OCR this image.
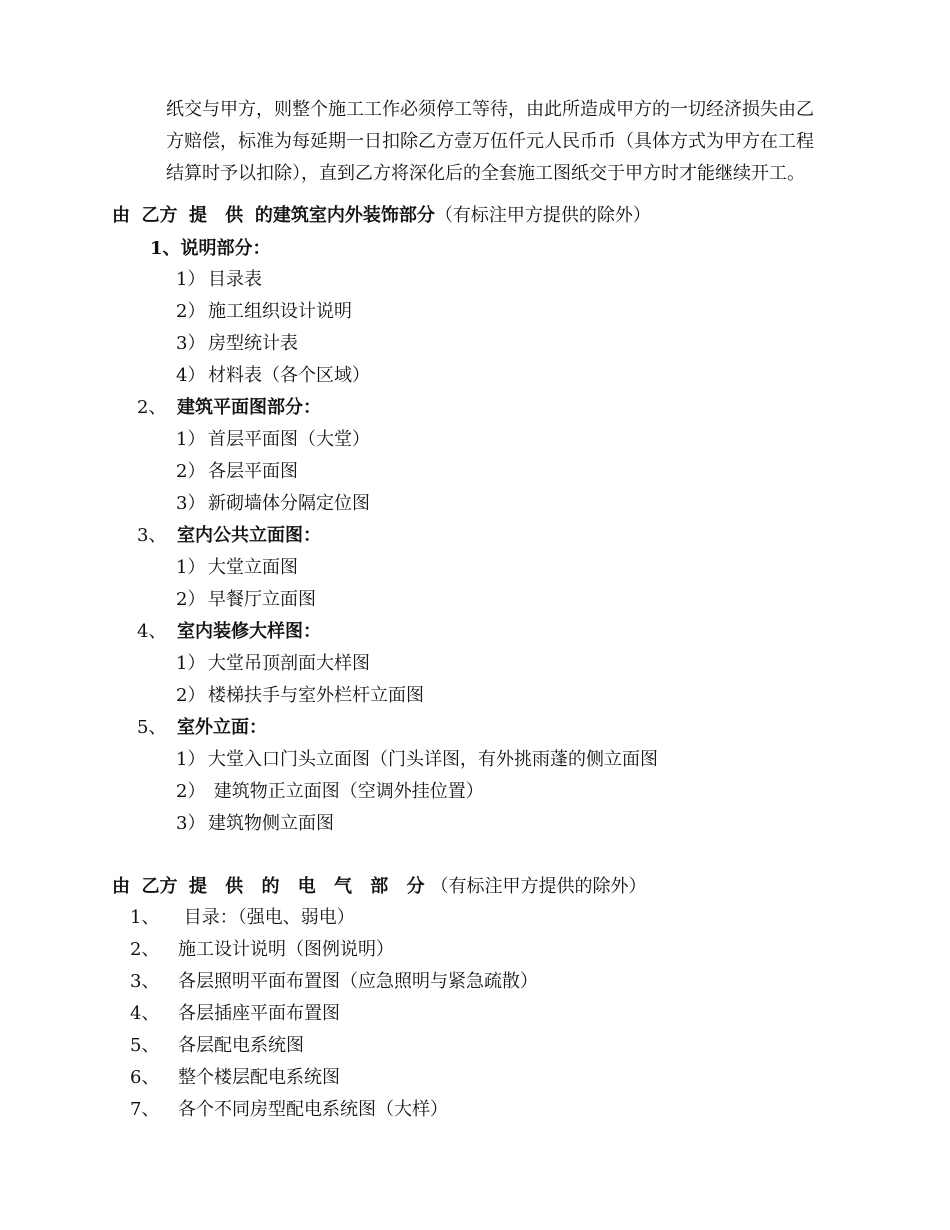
纸交与甲方，则整个施工工作必须停工等待，由此所造成甲方的一切经济损失由乙
方赔偿，标准为每延期一日扣除乙方壹万伍仟元人民币币（具体方式为甲方在工程
结算时予以扣除），直到乙方将深化后的全套施工图纸交于甲方时才能继续开工。
由 乙方 提 供 的建筑室内外装饰部分（有标注甲方提供的除外）
1、说明部分：
1） 目录表
2） 施工组织设计说明
3） 房型统计表
4） 材料表（各个区域）
2、 建筑平面图部分：
1） 首层平面图（大堂）
2） 各层平面图
3） 新砌墙体分隔定位图
3、 室内公共立面图：
1） 大堂立面图
2） 早餐厅立面图
4、 室内装修大样图：
1） 大堂吊顶剖面大样图
2） 楼梯扶手与室外栏杆立面图
5、 室外立面：
1） 大堂入口门头立面图（门头详图，有外挑雨蓬的侧立面图
2） 建筑物正立面图（空调外挂位置）
3） 建筑物侧立面图
由 乙方 提 供 的 电 气 部 分（有标注甲方提供的除外）
1、 目录：（强电、弱电）
2、 施工设计说明（图例说明）
3、 各层照明平面布置图（应急照明与紧急疏散）
4、 各层插座平面布置图
5、 各层配电系统图
6、 整个楼层配电系统图
7、 各个不同房型配电系统图（大样）
